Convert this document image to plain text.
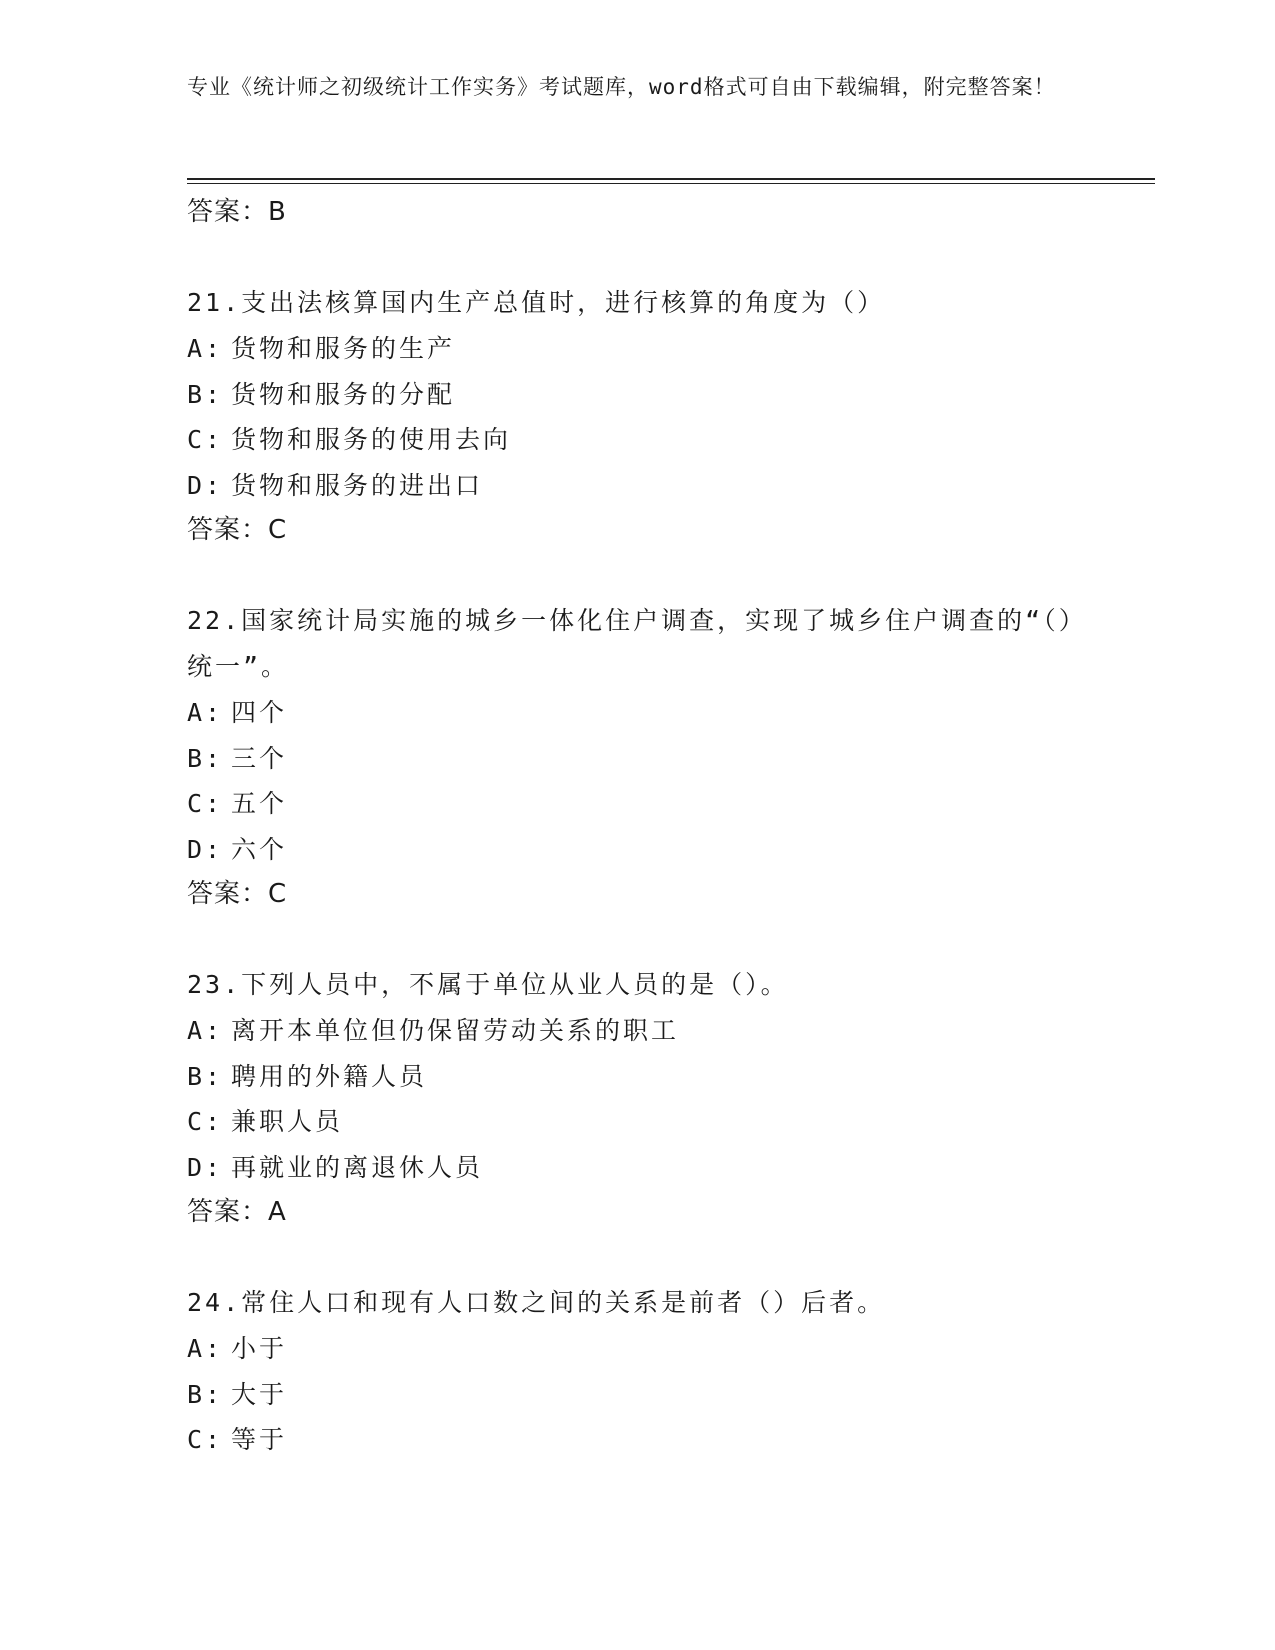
专业《统计师之初级统计工作实务》考试题库，word格式可自由下载编辑，附完整答案！
答案：B
21.支出法核算国内生产总值时，进行核算的角度为（）
A: 货物和服务的生产
B: 货物和服务的分配
C: 货物和服务的使用去向
D: 货物和服务的进出口
答案：C
22.国家统计局实施的城乡一体化住户调查，实现了城乡住户调查的“（）统一”。
A: 四个
B: 三个
C: 五个
D: 六个
答案：C
23.下列人员中，不属于单位从业人员的是（）。
A: 离开本单位但仍保留劳动关系的职工
B: 聘用的外籍人员
C: 兼职人员
D: 再就业的离退休人员
答案：A
24.常住人口和现有人口数之间的关系是前者（）后者。
A: 小于
B: 大于
C: 等于
